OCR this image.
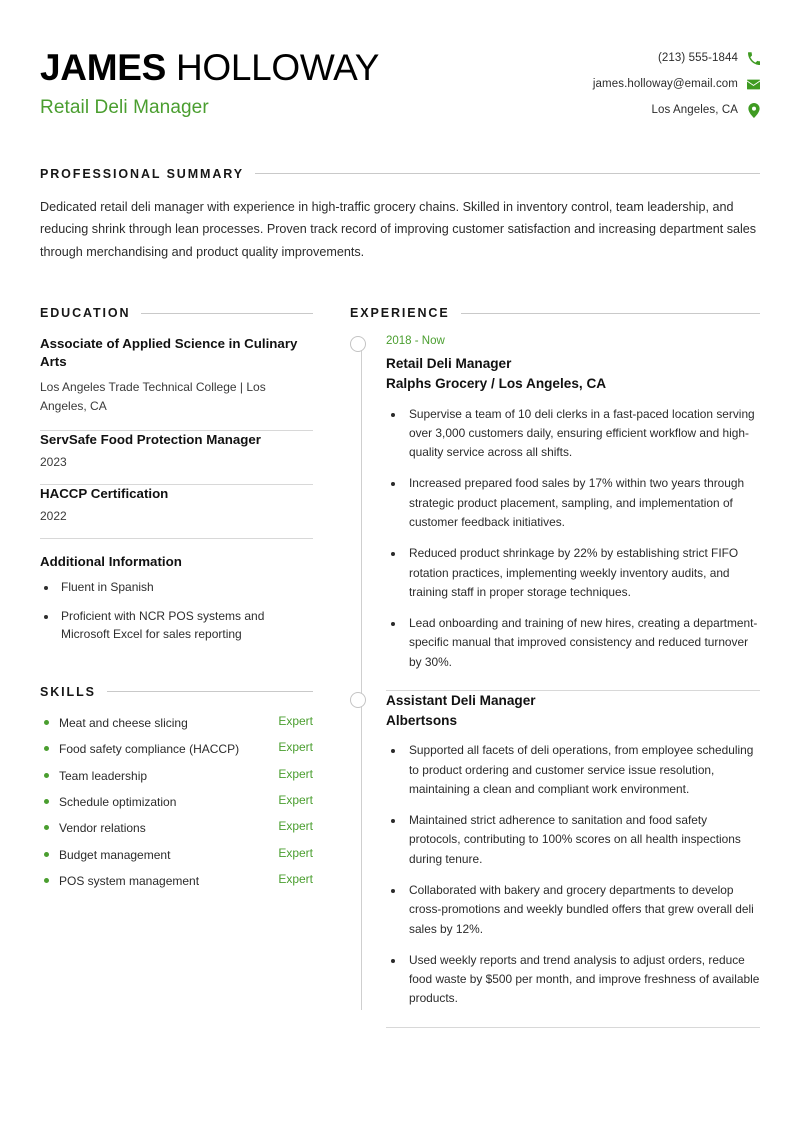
JAMES HOLLOWAY
Retail Deli Manager
(213) 555-1844
james.holloway@email.com
Los Angeles, CA
PROFESSIONAL SUMMARY
Dedicated retail deli manager with experience in high-traffic grocery chains. Skilled in inventory control, team leadership, and reducing shrink through lean processes. Proven track record of improving customer satisfaction and increasing department sales through merchandising and product quality improvements.
EDUCATION
Associate of Applied Science in Culinary Arts
Los Angeles Trade Technical College | Los Angeles, CA
ServSafe Food Protection Manager
2023
HACCP Certification
2022
Additional Information
• Fluent in Spanish
• Proficient with NCR POS systems and Microsoft Excel for sales reporting
SKILLS
Meat and cheese slicing	Expert
Food safety compliance (HACCP)	Expert
Team leadership	Expert
Schedule optimization	Expert
Vendor relations	Expert
Budget management	Expert
POS system management	Expert
EXPERIENCE
2018 - Now
Retail Deli Manager
Ralphs Grocery / Los Angeles, CA
• Supervise a team of 10 deli clerks in a fast-paced location serving over 3,000 customers daily, ensuring efficient workflow and high-quality service across all shifts.
• Increased prepared food sales by 17% within two years through strategic product placement, sampling, and implementation of customer feedback initiatives.
• Reduced product shrinkage by 22% by establishing strict FIFO rotation practices, implementing weekly inventory audits, and training staff in proper storage techniques.
• Lead onboarding and training of new hires, creating a department-specific manual that improved consistency and reduced turnover by 30%.
Assistant Deli Manager
Albertsons
• Supported all facets of deli operations, from employee scheduling to product ordering and customer service issue resolution, maintaining a clean and compliant work environment.
• Maintained strict adherence to sanitation and food safety protocols, contributing to 100% scores on all health inspections during tenure.
• Collaborated with bakery and grocery departments to develop cross-promotions and weekly bundled offers that grew overall deli sales by 12%.
• Used weekly reports and trend analysis to adjust orders, reduce food waste by $500 per month, and improve freshness of available products.
